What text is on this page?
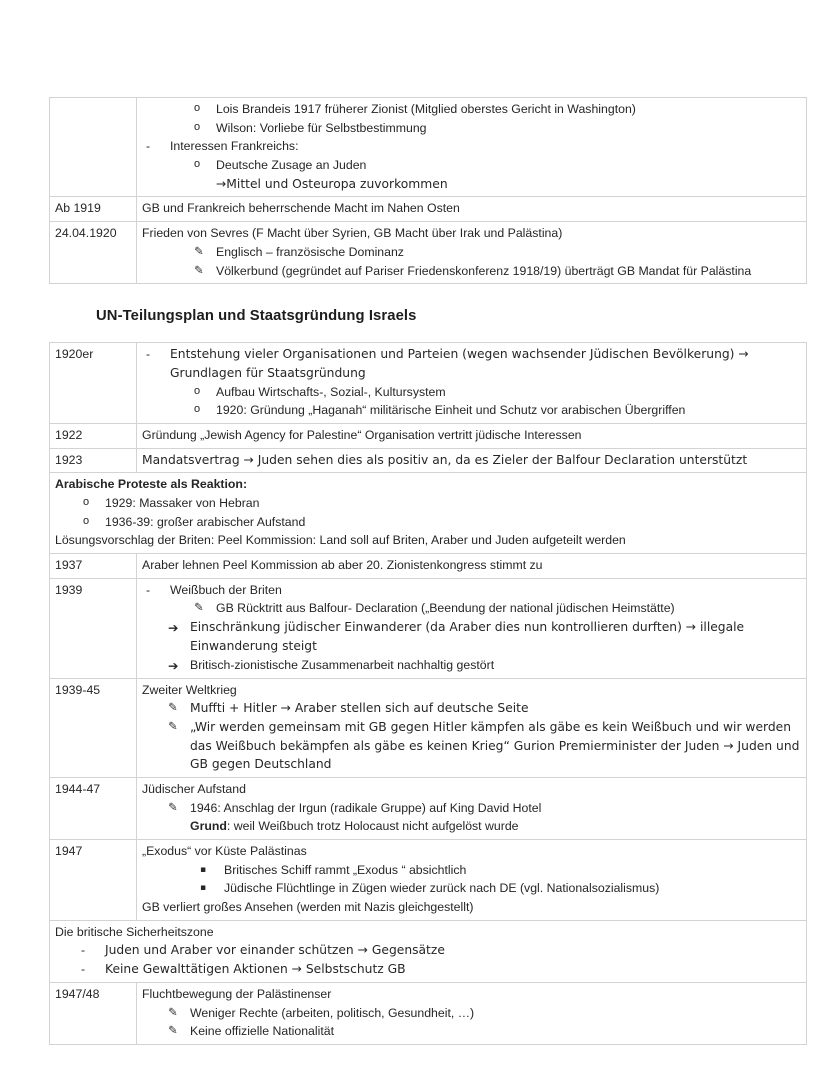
o	Lois Brandeis 1917 früherer Zionist (Mitglied oberstes Gericht in Washington)
o	Wilson: Vorliebe für Selbstbestimmung
-	Interessen Frankreichs:
o	Deutsche Zusage an Juden
→Mittel und Osteuropa zuvorkommen

Ab 1919	GB und Frankreich beherrschende Macht im Nahen Osten

24.04.1920	Frieden von Sevres (F Macht über Syrien, GB Macht über Irak und Palästina)
✎ Englisch – französische Dominanz
✎ Völkerbund (gegründet auf Pariser Friedenskonferenz 1918/19) überträgt GB Mandat für Palästina
UN-Teilungsplan und Staatsgründung Israels
1920er	-	Entstehung vieler Organisationen und Parteien (wegen wachsender Jüdischen Bevölkerung) → Grundlagen für Staatsgründung
o	Aufbau Wirtschafts-, Sozial-, Kultursystem
o	1920: Gründung „Haganah“ militärische Einheit und Schutz vor arabischen Übergriffen

1922	Gründung „Jewish Agency for Palestine“ Organisation vertritt jüdische Interessen

1923	Mandatsvertrag → Juden sehen dies als positiv an, da es Zieler der Balfour Declaration unterstützt

Arabische Proteste als Reaktion:
o	1929: Massaker von Hebran
o	1936-39: großer arabischer Aufstand
Lösungsvorschlag der Briten: Peel Kommission: Land soll auf Briten, Araber und Juden aufgeteilt werden

1937	Araber lehnen Peel Kommission ab aber 20. Zionistenkongress stimmt zu

1939	-	Weißbuch der Briten
✎	GB Rücktritt aus Balfour- Declaration („Beendung der national jüdischen Heimstätte)
➔ Einschränkung jüdischer Einwanderer (da Araber dies nun kontrollieren durften) → illegale Einwanderung steigt
➔ Britisch-zionistische Zusammenarbeit nachhaltig gestört

1939-45	Zweiter Weltkrieg
✎ Muffti + Hitler → Araber stellen sich auf deutsche Seite
✎ „Wir werden gemeinsam mit GB gegen Hitler kämpfen als gäbe es kein Weißbuch und wir werden das Weißbuch bekämpfen als gäbe es keinen Krieg“ Gurion Premierminister der Juden → Juden und GB gegen Deutschland

1944-47	Jüdischer Aufstand
✎ 1946: Anschlag der Irgun (radikale Gruppe) auf King David Hotel
Grund: weil Weißbuch trotz Holocaust nicht aufgelöst wurde

1947	„Exodus“ vor Küste Palästinas
▪	Britisches Schiff rammt „Exodus “ absichtlich
▪	Jüdische Flüchtlinge in Zügen wieder zurück nach DE (vgl. Nationalsozialismus)
GB verliert großes Ansehen (werden mit Nazis gleichgestellt)

Die britische Sicherheitszone
- Juden und Araber vor einander schützen → Gegensätze
- Keine Gewalttätigen Aktionen → Selbstschutz GB	

1947/48	Fluchtbewegung der Palästinenser
✎ Weniger Rechte (arbeiten, politisch, Gesundheit, …)
✎ Keine offizielle Nationalität
